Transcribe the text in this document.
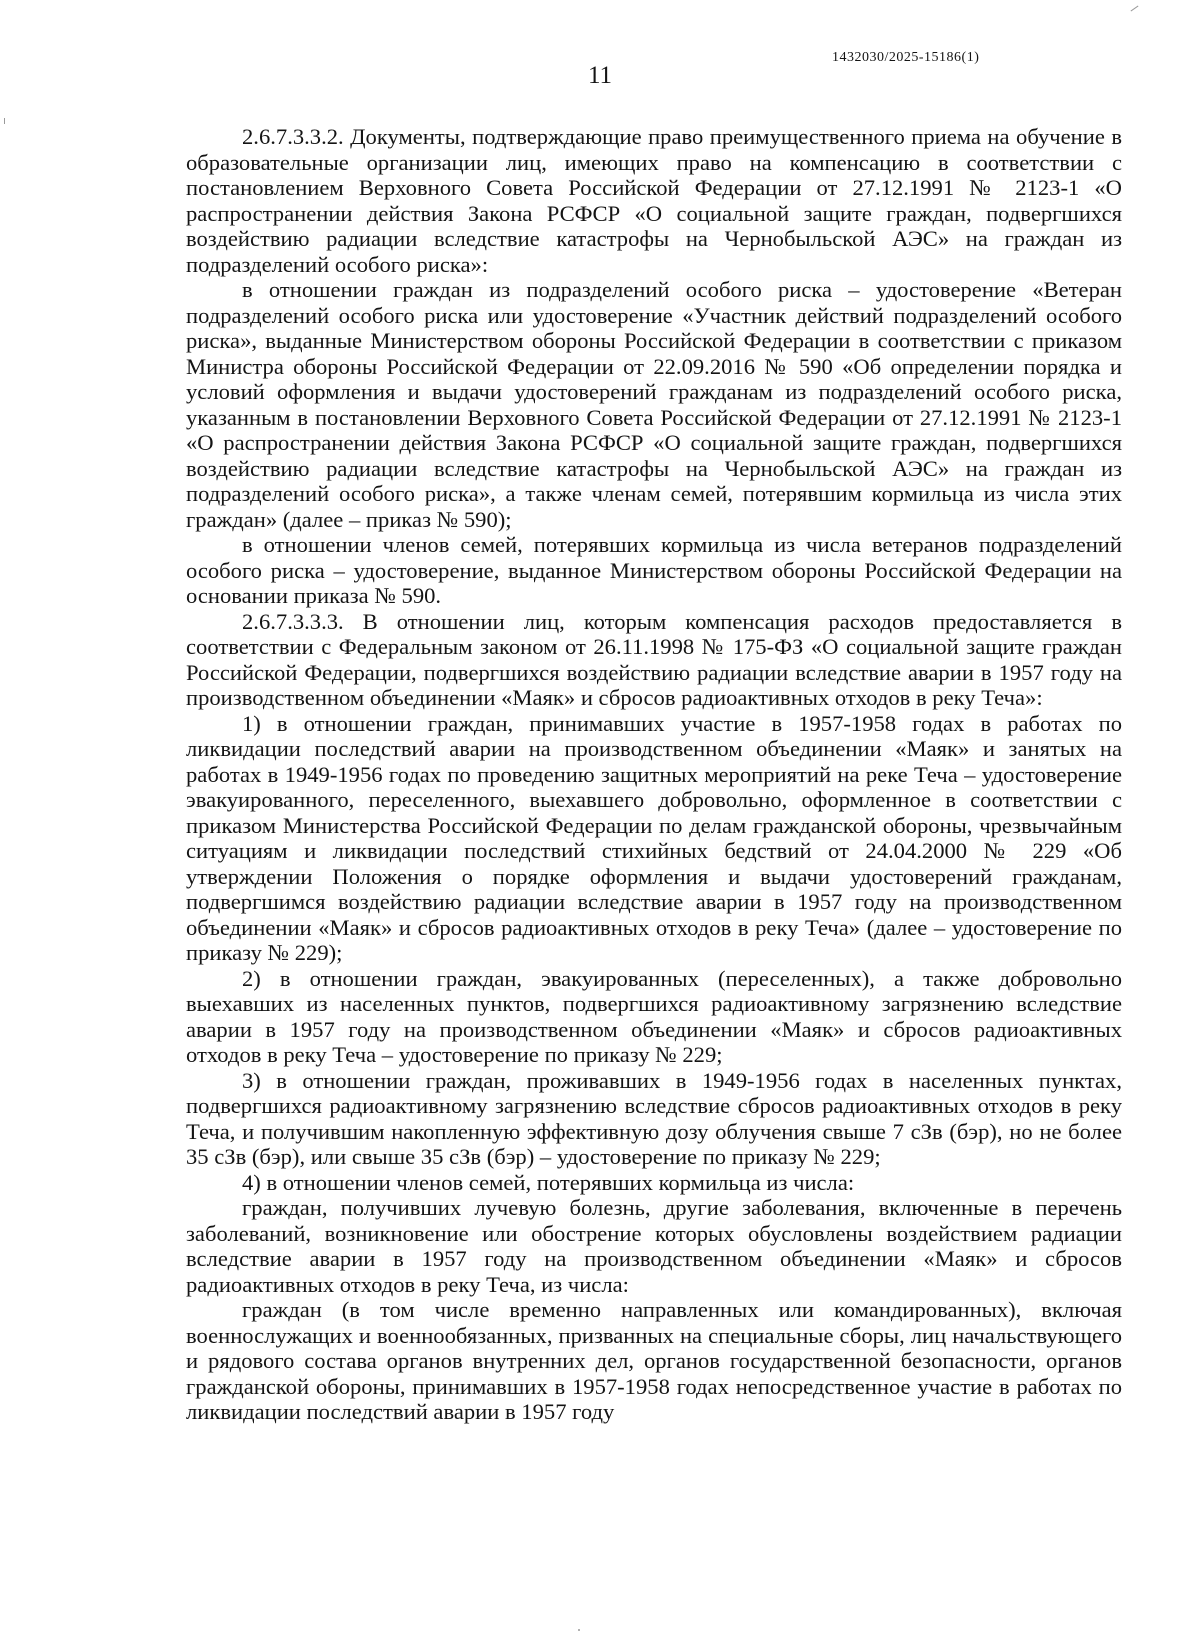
1432030/2025-15186(1)
11

2.6.7.3.3.2. Документы, подтверждающие право преимущественного приема на обучение в образовательные организации лиц, имеющих право на компенсацию в соответствии с постановлением Верховного Совета Российской Федерации от 27.12.1991 № 2123-1 «О распространении действия Закона РСФСР «О социальной защите граждан, подвергшихся воздействию радиации вследствие катастрофы на Чернобыльской АЭС» на граждан из подразделений особого риска»:

в отношении граждан из подразделений особого риска – удостоверение «Ветеран подразделений особого риска или удостоверение «Участник действий подразделений особого риска», выданные Министерством обороны Российской Федерации в соответствии с приказом Министра обороны Российской Федерации от 22.09.2016 № 590 «Об определении порядка и условий оформления и выдачи удостоверений гражданам из подразделений особого риска, указанным в постановлении Верховного Совета Российской Федерации от 27.12.1991 № 2123-1 «О распространении действия Закона РСФСР «О социальной защите граждан, подвергшихся воздействию радиации вследствие катастрофы на Чернобыльской АЭС» на граждан из подразделений особого риска», а также членам семей, потерявшим кормильца из числа этих граждан» (далее – приказ № 590);

в отношении членов семей, потерявших кормильца из числа ветеранов подразделений особого риска – удостоверение, выданное Министерством обороны Российской Федерации на основании приказа № 590.

2.6.7.3.3.3. В отношении лиц, которым компенсация расходов предоставляется в соответствии с Федеральным законом от 26.11.1998 № 175-ФЗ «О социальной защите граждан Российской Федерации, подвергшихся воздействию радиации вследствие аварии в 1957 году на производственном объединении «Маяк» и сбросов радиоактивных отходов в реку Теча»:

1) в отношении граждан, принимавших участие в 1957-1958 годах в работах по ликвидации последствий аварии на производственном объединении «Маяк» и занятых на работах в 1949-1956 годах по проведению защитных мероприятий на реке Теча – удостоверение эвакуированного, переселенного, выехавшего добровольно, оформленное в соответствии с приказом Министерства Российской Федерации по делам гражданской обороны, чрезвычайным ситуациям и ликвидации последствий стихийных бедствий от 24.04.2000 № 229 «Об утверждении Положения о порядке оформления и выдачи удостоверений гражданам, подвергшимся воздействию радиации вследствие аварии в 1957 году на производственном объединении «Маяк» и сбросов радиоактивных отходов в реку Теча» (далее – удостоверение по приказу № 229);

2) в отношении граждан, эвакуированных (переселенных), а также добровольно выехавших из населенных пунктов, подвергшихся радиоактивному загрязнению вследствие аварии в 1957 году на производственном объединении «Маяк» и сбросов радиоактивных отходов в реку Теча – удостоверение по приказу № 229;

3) в отношении граждан, проживавших в 1949-1956 годах в населенных пунктах, подвергшихся радиоактивному загрязнению вследствие сбросов радиоактивных отходов в реку Теча, и получившим накопленную эффективную дозу облучения свыше 7 сЗв (бэр), но не более 35 сЗв (бэр), или свыше 35 сЗв (бэр) – удостоверение по приказу № 229;

4) в отношении членов семей, потерявших кормильца из числа:

граждан, получивших лучевую болезнь, другие заболевания, включенные в перечень заболеваний, возникновение или обострение которых обусловлены воздействием радиации вследствие аварии в 1957 году на производственном объединении «Маяк» и сбросов радиоактивных отходов в реку Теча, из числа:

граждан (в том числе временно направленных или командированных), включая военнослужащих и военнообязанных, призванных на специальные сборы, лиц начальствующего и рядового состава органов внутренних дел, органов государственной безопасности, органов гражданской обороны, принимавших в 1957-1958 годах непосредственное участие в работах по ликвидации последствий аварии в 1957 году
